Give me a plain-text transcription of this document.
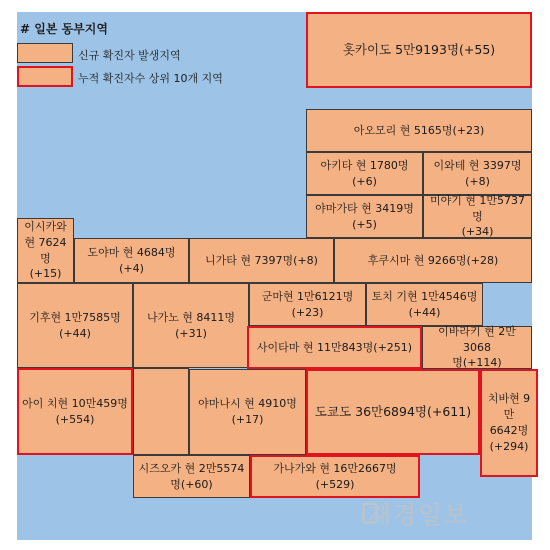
# 일본 동부지역
신규 확진자 발생지역
누적 확진자수 상위 10개 지역
홋카이도 5만9193명(+55)
아오모리 현 5165명(+23)
아키타 현 1780명(+6)
이와테 현 3397명(+8)
야마가타 현 3419명(+5)
미야기 현 1만5737명
(+34)
이시카와
현 7624명
(+15)
도야마 현 4684명(+4)
니가타 현 7397명(+8)	후쿠시마 현 9266명(+28)
기후현 1만7585명
(+44)
나가노 현 8411명
(+31)
군마현 1만6121명
(+23)
토치 기현 1만4546명
(+44)
사이타마 현 11만843명(+251)
이바라키 현 2만3068
명(+114)
아이 치현 10만459명
(+554)
야마나시 현 4910명
(+17)
도쿄도 36만6894명(+611)
치바현 9만
6642명
(+294)
시즈오카 현 2만5574
명(+60)
가나가와 현 16만2667명(+529)
재경일보
